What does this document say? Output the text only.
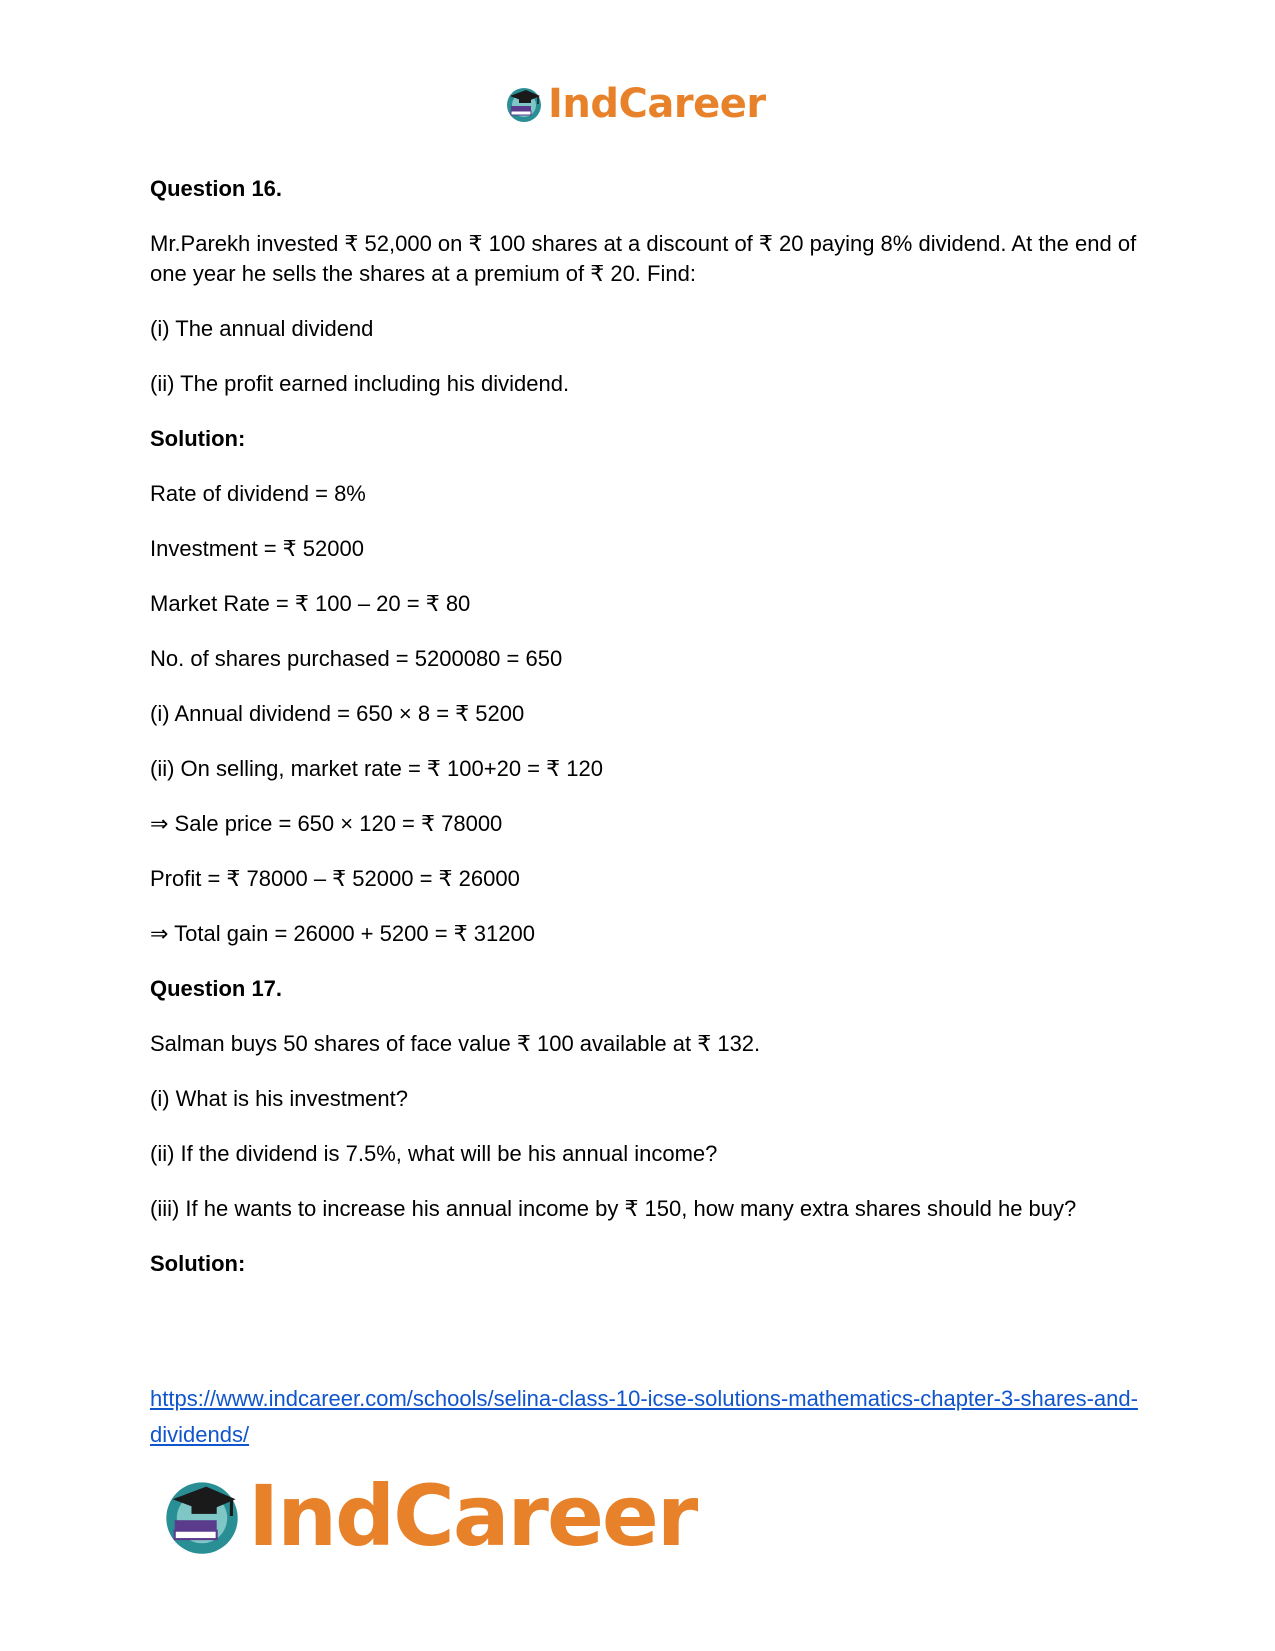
IndCareer

Question 16.

Mr.Parekh invested ₹ 52,000 on ₹ 100 shares at a discount of ₹ 20 paying 8% dividend. At the end of one year he sells the shares at a premium of ₹ 20. Find:

(i) The annual dividend

(ii) The profit earned including his dividend.

Solution:

Rate of dividend = 8%

Investment = ₹ 52000

Market Rate = ₹ 100 – 20 = ₹ 80

No. of shares purchased = 5200080 = 650

(i) Annual dividend = 650 × 8 = ₹ 5200

(ii) On selling, market rate = ₹ 100+20 = ₹ 120

⇒ Sale price = 650 × 120 = ₹ 78000

Profit = ₹ 78000 – ₹ 52000 = ₹ 26000

⇒ Total gain = 26000 + 5200 = ₹ 31200

Question 17.

Salman buys 50 shares of face value ₹ 100 available at ₹ 132.

(i) What is his investment?

(ii) If the dividend is 7.5%, what will be his annual income?

(iii) If he wants to increase his annual income by ₹ 150, how many extra shares should he buy?

Solution:

https://www.indcareer.com/schools/selina-class-10-icse-solutions-mathematics-chapter-3-shares-and-dividends/
IndCareer
